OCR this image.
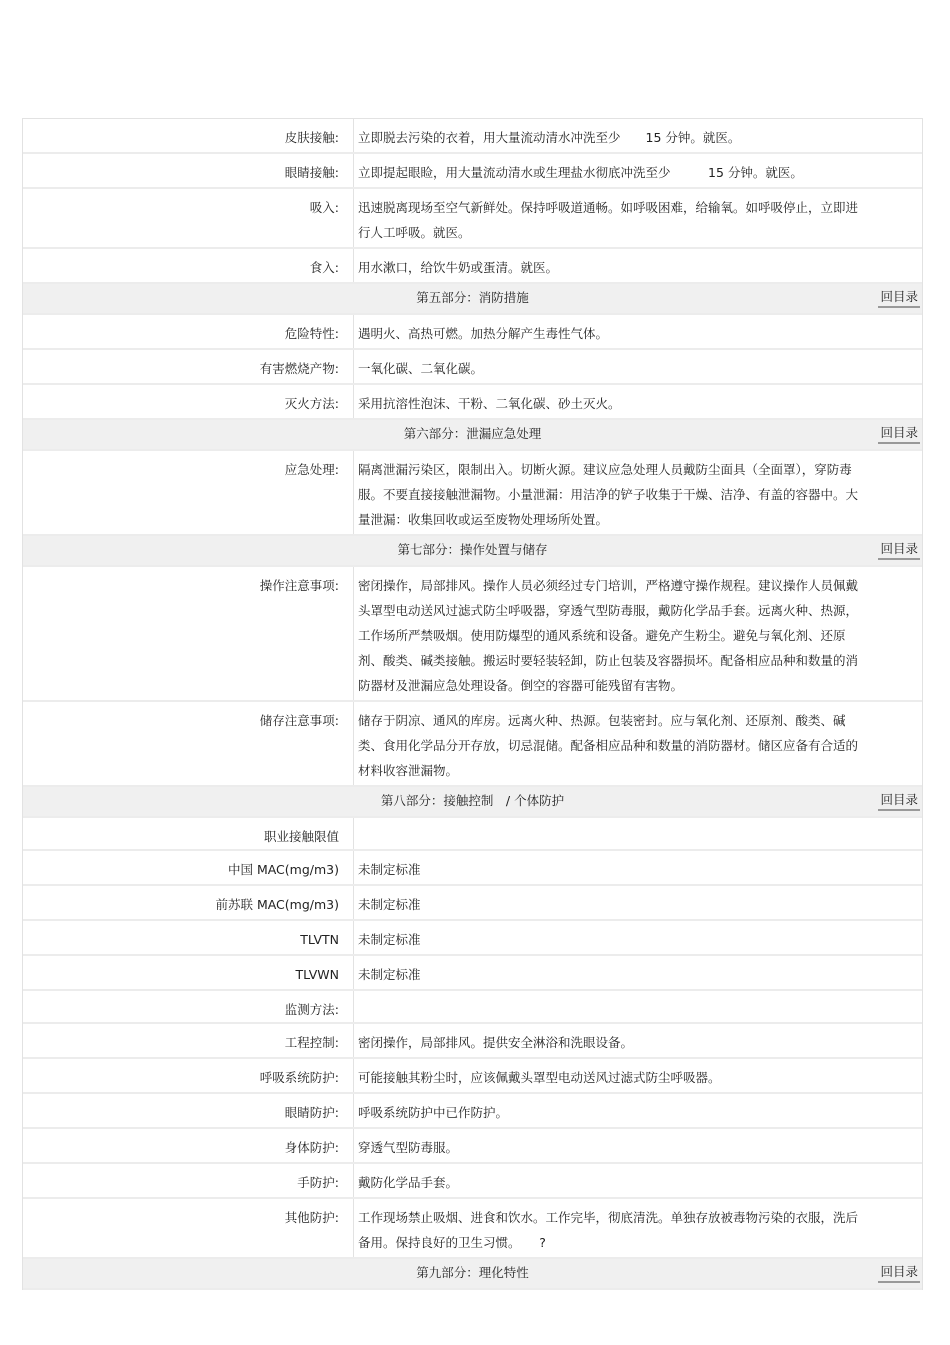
皮肤接触:	立即脱去污染的衣着，用大量流动清水冲洗至少　　15 分钟。就医。
眼睛接触:	立即提起眼睑，用大量流动清水或生理盐水彻底冲洗至少　　　15 分钟。就医。
吸入:	迅速脱离现场至空气新鲜处。保持呼吸道通畅。如呼吸困难，给输氧。如呼吸停止，立即进行人工呼吸。就医。
食入:	用水漱口，给饮牛奶或蛋清。就医。
第五部分：消防措施	回目录
危险特性:	遇明火、高热可燃。加热分解产生毒性气体。
有害燃烧产物:	一氧化碳、二氧化碳。
灭火方法:	采用抗溶性泡沫、干粉、二氧化碳、砂土灭火。
第六部分：泄漏应急处理	回目录
应急处理:	隔离泄漏污染区，限制出入。切断火源。建议应急处理人员戴防尘面具（全面罩），穿防毒服。不要直接接触泄漏物。小量泄漏：用洁净的铲子收集于干燥、洁净、有盖的容器中。大量泄漏：收集回收或运至废物处理场所处置。
第七部分：操作处置与储存	回目录
操作注意事项:	密闭操作，局部排风。操作人员必须经过专门培训，严格遵守操作规程。建议操作人员佩戴头罩型电动送风过滤式防尘呼吸器，穿透气型防毒服，戴防化学品手套。远离火种、热源，工作场所严禁吸烟。使用防爆型的通风系统和设备。避免产生粉尘。避免与氧化剂、还原剂、酸类、碱类接触。搬运时要轻装轻卸，防止包装及容器损坏。配备相应品种和数量的消防器材及泄漏应急处理设备。倒空的容器可能残留有害物。
储存注意事项:	储存于阴凉、通风的库房。远离火种、热源。包装密封。应与氧化剂、还原剂、酸类、碱类、食用化学品分开存放，切忌混储。配备相应品种和数量的消防器材。储区应备有合适的材料收容泄漏物。
第八部分：接触控制　/ 个体防护	回目录
职业接触限值
中国 MAC(mg/m3)	未制定标准
前苏联 MAC(mg/m3)	未制定标准
TLVTN	未制定标准
TLVWN	未制定标准
监测方法:
工程控制:	密闭操作，局部排风。提供安全淋浴和洗眼设备。
呼吸系统防护:	可能接触其粉尘时，应该佩戴头罩型电动送风过滤式防尘呼吸器。
眼睛防护:	呼吸系统防护中已作防护。
身体防护:	穿透气型防毒服。
手防护:	戴防化学品手套。
其他防护:	工作现场禁止吸烟、进食和饮水。工作完毕，彻底清洗。单独存放被毒物污染的衣服，洗后备用。保持良好的卫生习惯。　　?
第九部分：理化特性	回目录
